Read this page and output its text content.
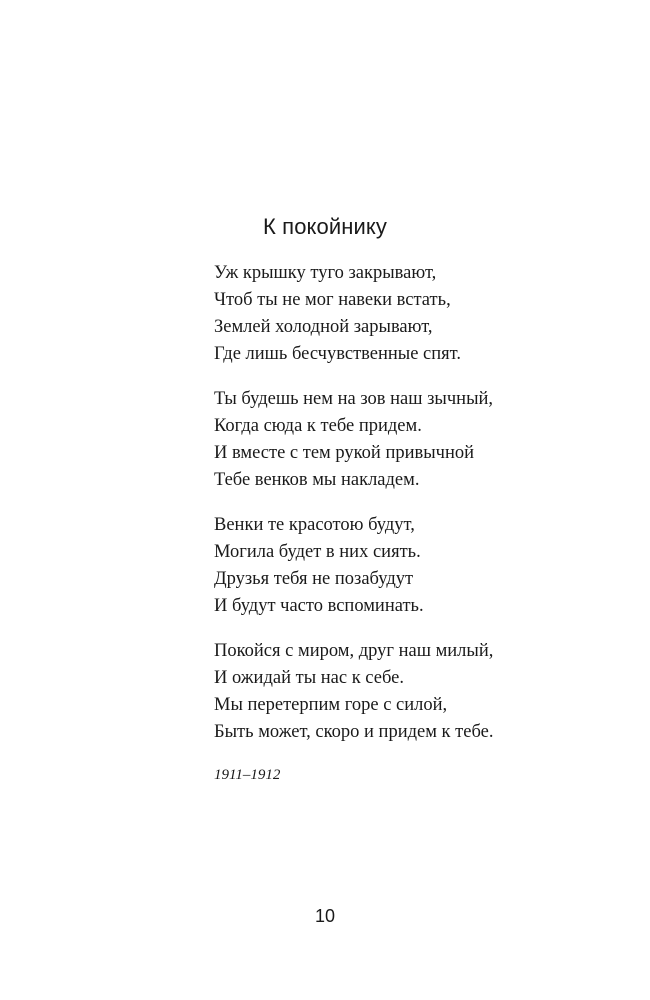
К покойнику
Уж крышку туго закрывают,
Чтоб ты не мог навеки встать,
Землей холодной зарывают,
Где лишь бесчувственные спят.
Ты будешь нем на зов наш зычный,
Когда сюда к тебе придем.
И вместе с тем рукой привычной
Тебе венков мы накладем.
Венки те красотою будут,
Могила будет в них сиять.
Друзья тебя не позабудут
И будут часто вспоминать.
Покойся с миром, друг наш милый,
И ожидай ты нас к себе.
Мы перетерпим горе с силой,
Быть может, скоро и придем к тебе.
1911–1912
10
